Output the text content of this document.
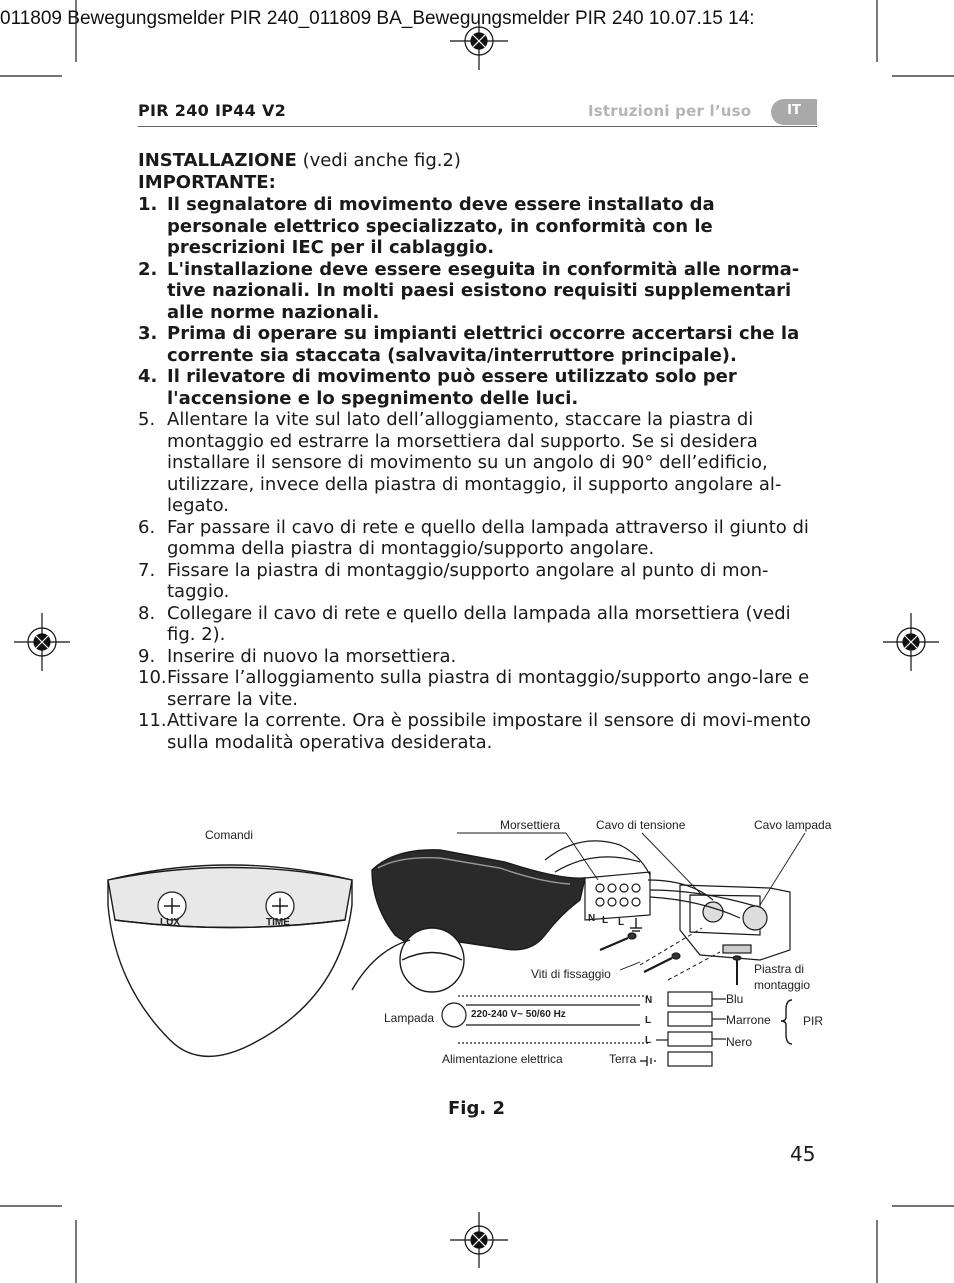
011809 Bewegungsmelder PIR 240_011809 BA_Bewegungsmelder PIR 240 10.07.15 14:
PIR 240 IP44 V2	Istruzioni per l’uso	IT
INSTALLAZIONE (vedi anche fig.2)
IMPORTANTE:
1. Il segnalatore di movimento deve essere installato da personale elettrico specializzato, in conformità con le prescrizioni IEC per il cablaggio.
2. L'installazione deve essere eseguita in conformità alle norma-tive nazionali. In molti paesi esistono requisiti supplementari alle norme nazionali.
3. Prima di operare su impianti elettrici occorre accertarsi che la corrente sia staccata (salvavita/interruttore principale).
4. Il rilevatore di movimento può essere utilizzato solo per l'accensione e lo spegnimento delle luci.
5. Allentare la vite sul lato dell’alloggiamento, staccare la piastra di montaggio ed estrarre la morsettiera dal supporto. Se si desidera installare il sensore di movimento su un angolo di 90° dell’edificio, utilizzare, invece della piastra di montaggio, il supporto angolare al-legato.
6. Far passare il cavo di rete e quello della lampada attraverso il giunto di gomma della piastra di montaggio/supporto angolare.
7. Fissare la piastra di montaggio/supporto angolare al punto di mon-taggio.
8. Collegare il cavo di rete e quello della lampada alla morsettiera (vedi fig. 2).
9. Inserire di nuovo la morsettiera.
10. Fissare l’alloggiamento sulla piastra di montaggio/supporto ango-lare e serrare la vite.
11. Attivare la corrente. Ora è possibile impostare il sensore di movi-mento sulla modalità operativa desiderata.
LUX	TIME
Comandi
N L L
Morsettiera	Cavo di tensione	Cavo lampada
Viti di fissaggio	Piastra di
montaggio
N
L
L
220-240 V~ 50/60 Hz
Lampada
Alimentazione elettrica	Terra
Blu
Marrone
Nero
PIR
Fig. 2
45
